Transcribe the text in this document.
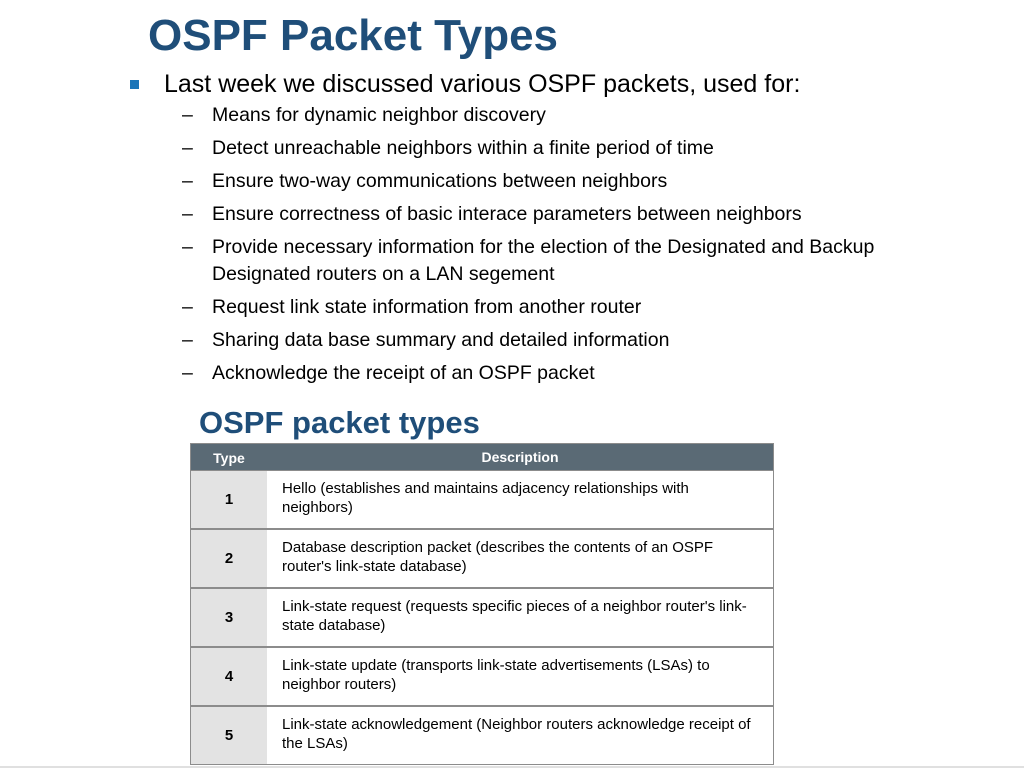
OSPF Packet Types
Last week we discussed various OSPF packets, used for:
– Means for dynamic neighbor discovery
– Detect unreachable neighbors within a finite period of time
– Ensure two-way communications between neighbors
– Ensure correctness of basic interace parameters between neighbors
– Provide necessary information for the election of the Designated and Backup Designated routers on a LAN segement
– Request link state information from another router
– Sharing data base summary and detailed information
– Acknowledge the receipt of an OSPF packet
OSPF packet types
Type	Description
1
Hello (establishes and maintains adjacency relationships with neighbors)
2
Database description packet (describes the contents of an OSPF router's link-state database)
3
Link-state request (requests specific pieces of a neighbor router's link-state database)
4
Link-state update (transports link-state advertisements (LSAs) to neighbor routers)
5
Link-state acknowledgement (Neighbor routers acknowledge receipt of the LSAs)
